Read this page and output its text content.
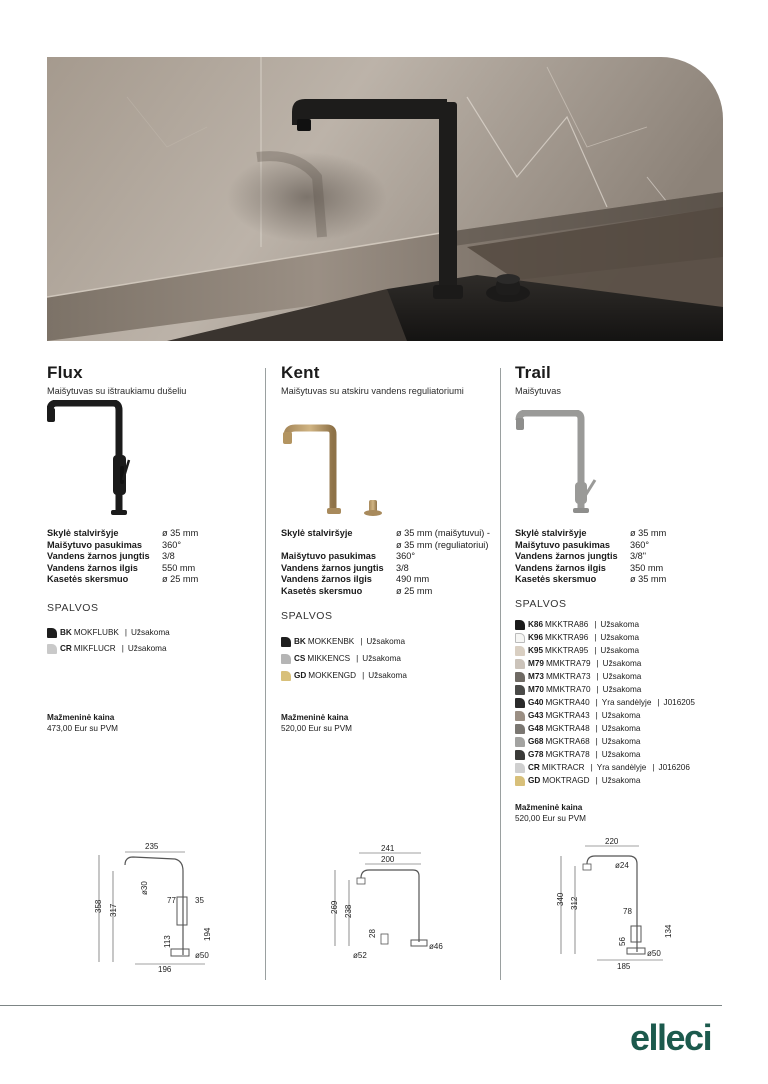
Flux
Maišytuvas su ištraukiamu dušeliu
Skylė stalviršyje	ø 35 mm
Maišytuvo pasukimas	360°
Vandens žarnos jungtis	3/8
Vandens žarnos ilgis	550 mm
Kasetės skersmuo	ø 25 mm
SPALVOS
BK MOKFLUBK | Užsakoma
CR MIKFLUCR | Užsakoma
Mažmeninė kaina
473,00 Eur su PVM
235
358 317
ø30
77 35
194
113
196
ø50
Kent
Maišytuvas su atskiru vandens reguliatoriumi
Skylė stalviršyje	ø 35 mm (maišytuvui) -
ø 35 mm (reguliatoriui)
Maišytuvo pasukimas	360°
Vandens žarnos jungtis	3/8
Vandens žarnos ilgis	490 mm
Kasetės skersmuo	ø 25 mm
SPALVOS
BK MOKKENBK | Užsakoma
CS MIKKENCS | Užsakoma
GD MOKKENGD | Užsakoma
Mažmeninė kaina
520,00 Eur su PVM
241
200
269 238
28
ø46
ø52
Trail
Maišytuvas
Skylė stalviršyje	ø 35 mm
Maišytuvo pasukimas	360°
Vandens žarnos jungtis	3/8"
Vandens žarnos ilgis	350 mm
Kasetės skersmuo	ø 35 mm
SPALVOS
K86 MKKTRA86 | Užsakoma
K96 MKKTRA96 | Užsakoma
K95 MKKTRA95 | Užsakoma
M79 MMKTRA79 | Užsakoma
M73 MMKTRA73 | Užsakoma
M70 MMKTRA70 | Užsakoma
G40 MGKTRA40 | Yra sandėlyje | J016205
G43 MGKTRA43 | Užsakoma
G48 MGKTRA48 | Užsakoma
G68 MGKTRA68 | Užsakoma
G78 MGKTRA78 | Užsakoma
CR MIKTRACR | Yra sandėlyje | J016206
GD MOKTRAGD | Užsakoma
Mažmeninė kaina
520,00 Eur su PVM
220
340 312
ø24
78
134
56
185
ø50
elleci
